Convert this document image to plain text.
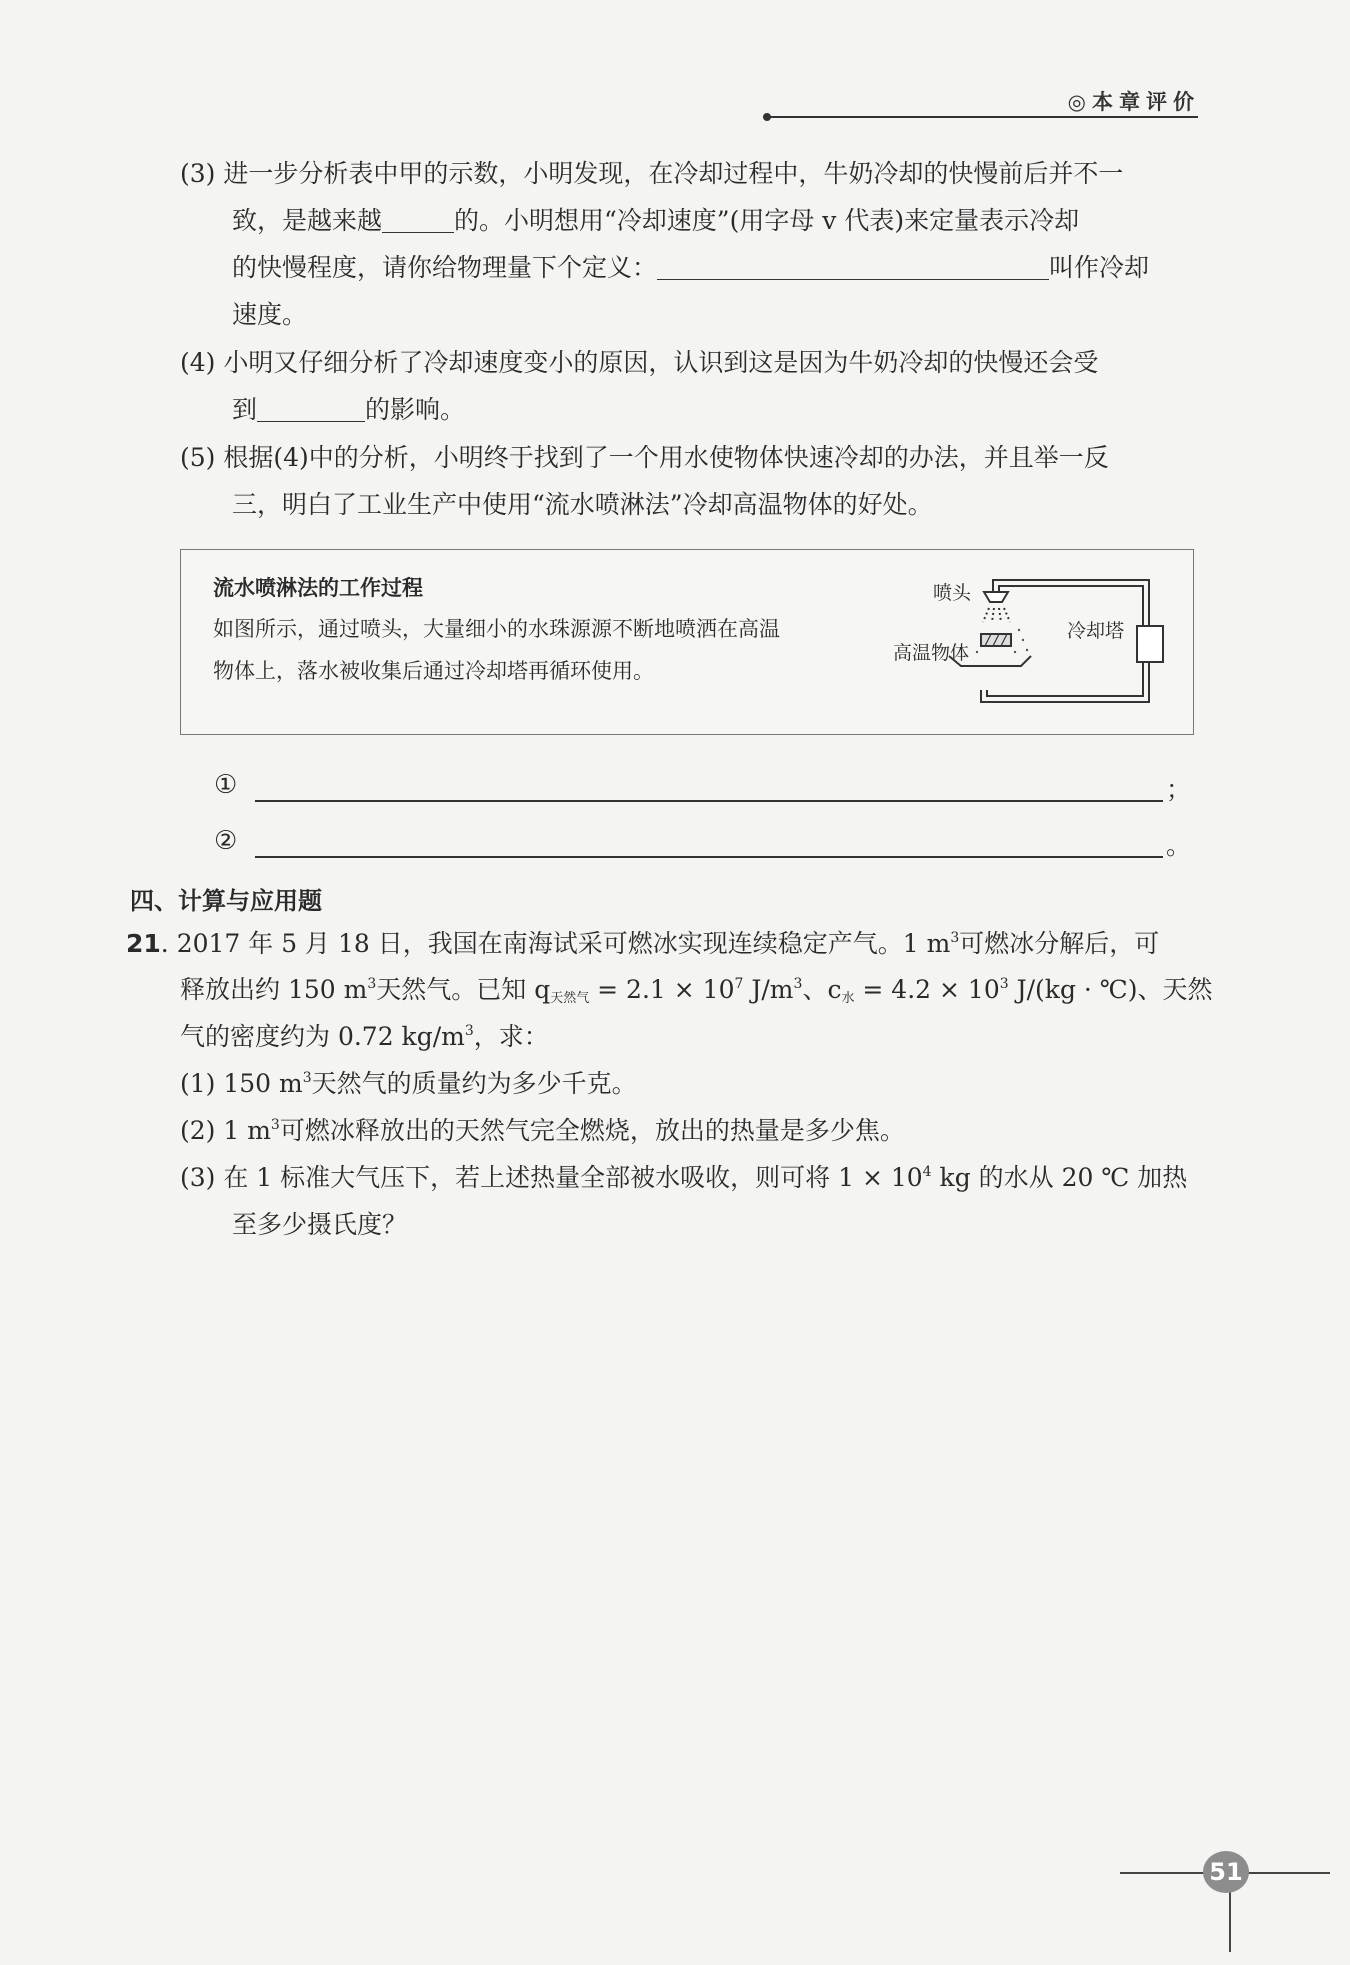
◎本章评价
(3) 进一步分析表中甲的示数，小明发现，在冷却过程中，牛奶冷却的快慢前后并不一
致，是越来越	的。小明想用“冷却速度”(用字母 v 代表)来定量表示冷却
的快慢程度，请你给物理量下个定义：	叫作冷却
速度。
(4) 小明又仔细分析了冷却速度变小的原因，认识到这是因为牛奶冷却的快慢还会受
到	的影响。
(5) 根据(4)中的分析，小明终于找到了一个用水使物体快速冷却的办法，并且举一反
三，明白了工业生产中使用“流水喷淋法”冷却高温物体的好处。
流水喷淋法的工作过程
如图所示，通过喷头，大量细小的水珠源源不断地喷洒在高温
物体上，落水被收集后通过冷却塔再循环使用。
喷头
冷却塔
高温物体
①	；
②	。
四、计算与应用题
21. 2017 年 5 月 18 日，我国在南海试采可燃冰实现连续稳定产气。1 $m^3$可燃冰分解后，可
释放出约 150 $m^3$天然气。已知 $q_{天然气} = 2.1 \times 10^7$ $J/m^3$、$c_水 = 4.2 \times 10^3$ J/(kg · ℃)、天然
气的密度约为 0.72 $kg/m^3$，求：
(1) 150 $m^3$天然气的质量约为多少千克。
(2) 1 $m^3$可燃冰释放出的天然气完全燃烧，放出的热量是多少焦。
(3) 在 1 标准大气压下，若上述热量全部被水吸收，则可将 $1 \times 10^4$ kg 的水从 20 ℃ 加热
至多少摄氏度？
51
